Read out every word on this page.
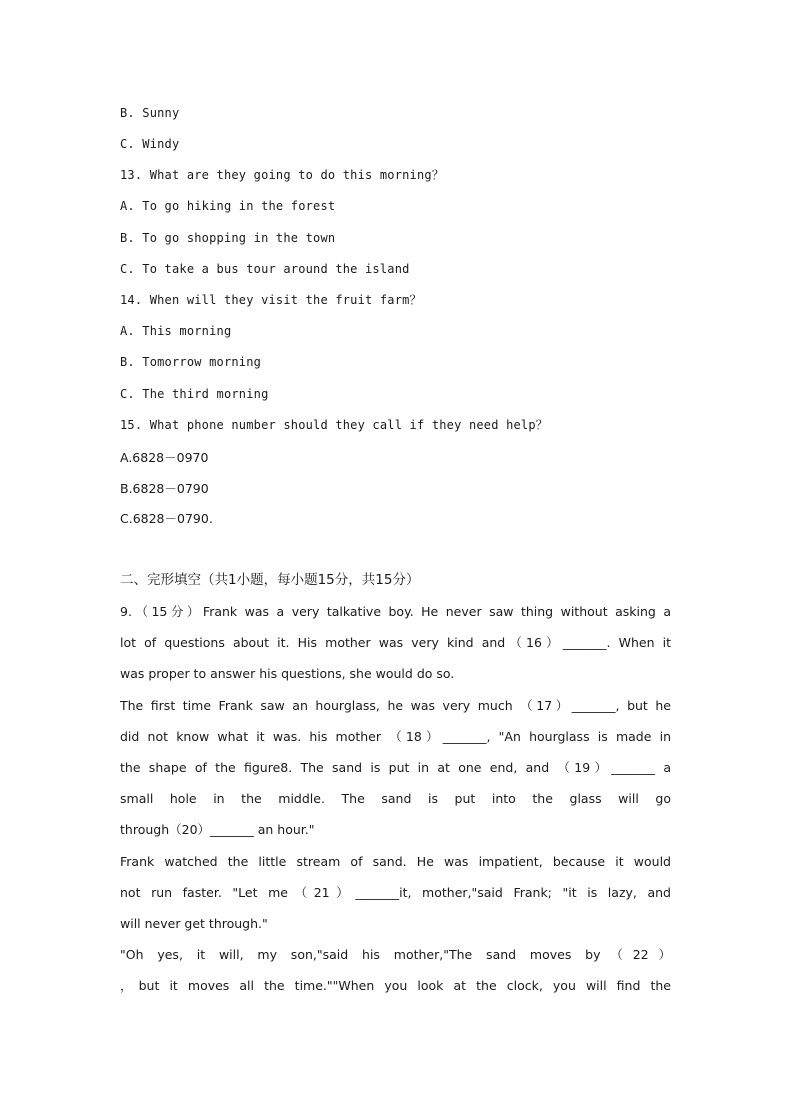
B. Sunny

C. Windy

13. What are they going to do this morning？

A. To go hiking in the forest

B. To go shopping in the town

C. To take a bus tour around the island

14. When will they visit the fruit farm？

A. This morning

B. Tomorrow morning

C. The third morning

15. What phone number should they call if they need help？

A.6828－0970

B.6828－0790

C.6828－0790.

二、完形填空（共1小题，每小题15分，共15分）

9.（15分）Frank was a very talkative boy. He never saw thing without asking a

lot of questions about it. His mother was very kind and（16）_______. When it

was proper to answer his questions, she would do so.

The first time Frank saw an hourglass, he was very much （17）_______, but he

did not know what it was. his mother （18）_______, "An hourglass is made in

the shape of the figure8. The sand is put in at one end, and （19）_______ a

small hole in the middle. The sand is put into the glass will go

through（20）_______ an hour."

Frank watched the little stream of sand. He was impatient, because it would

not run faster. "Let me（21）_______it, mother,"said Frank; "it is lazy, and

will never get through."

"Oh yes, it will, my son,"said his mother,"The sand moves by（22）

，but it moves all the time.""When you look at the clock, you will find the
